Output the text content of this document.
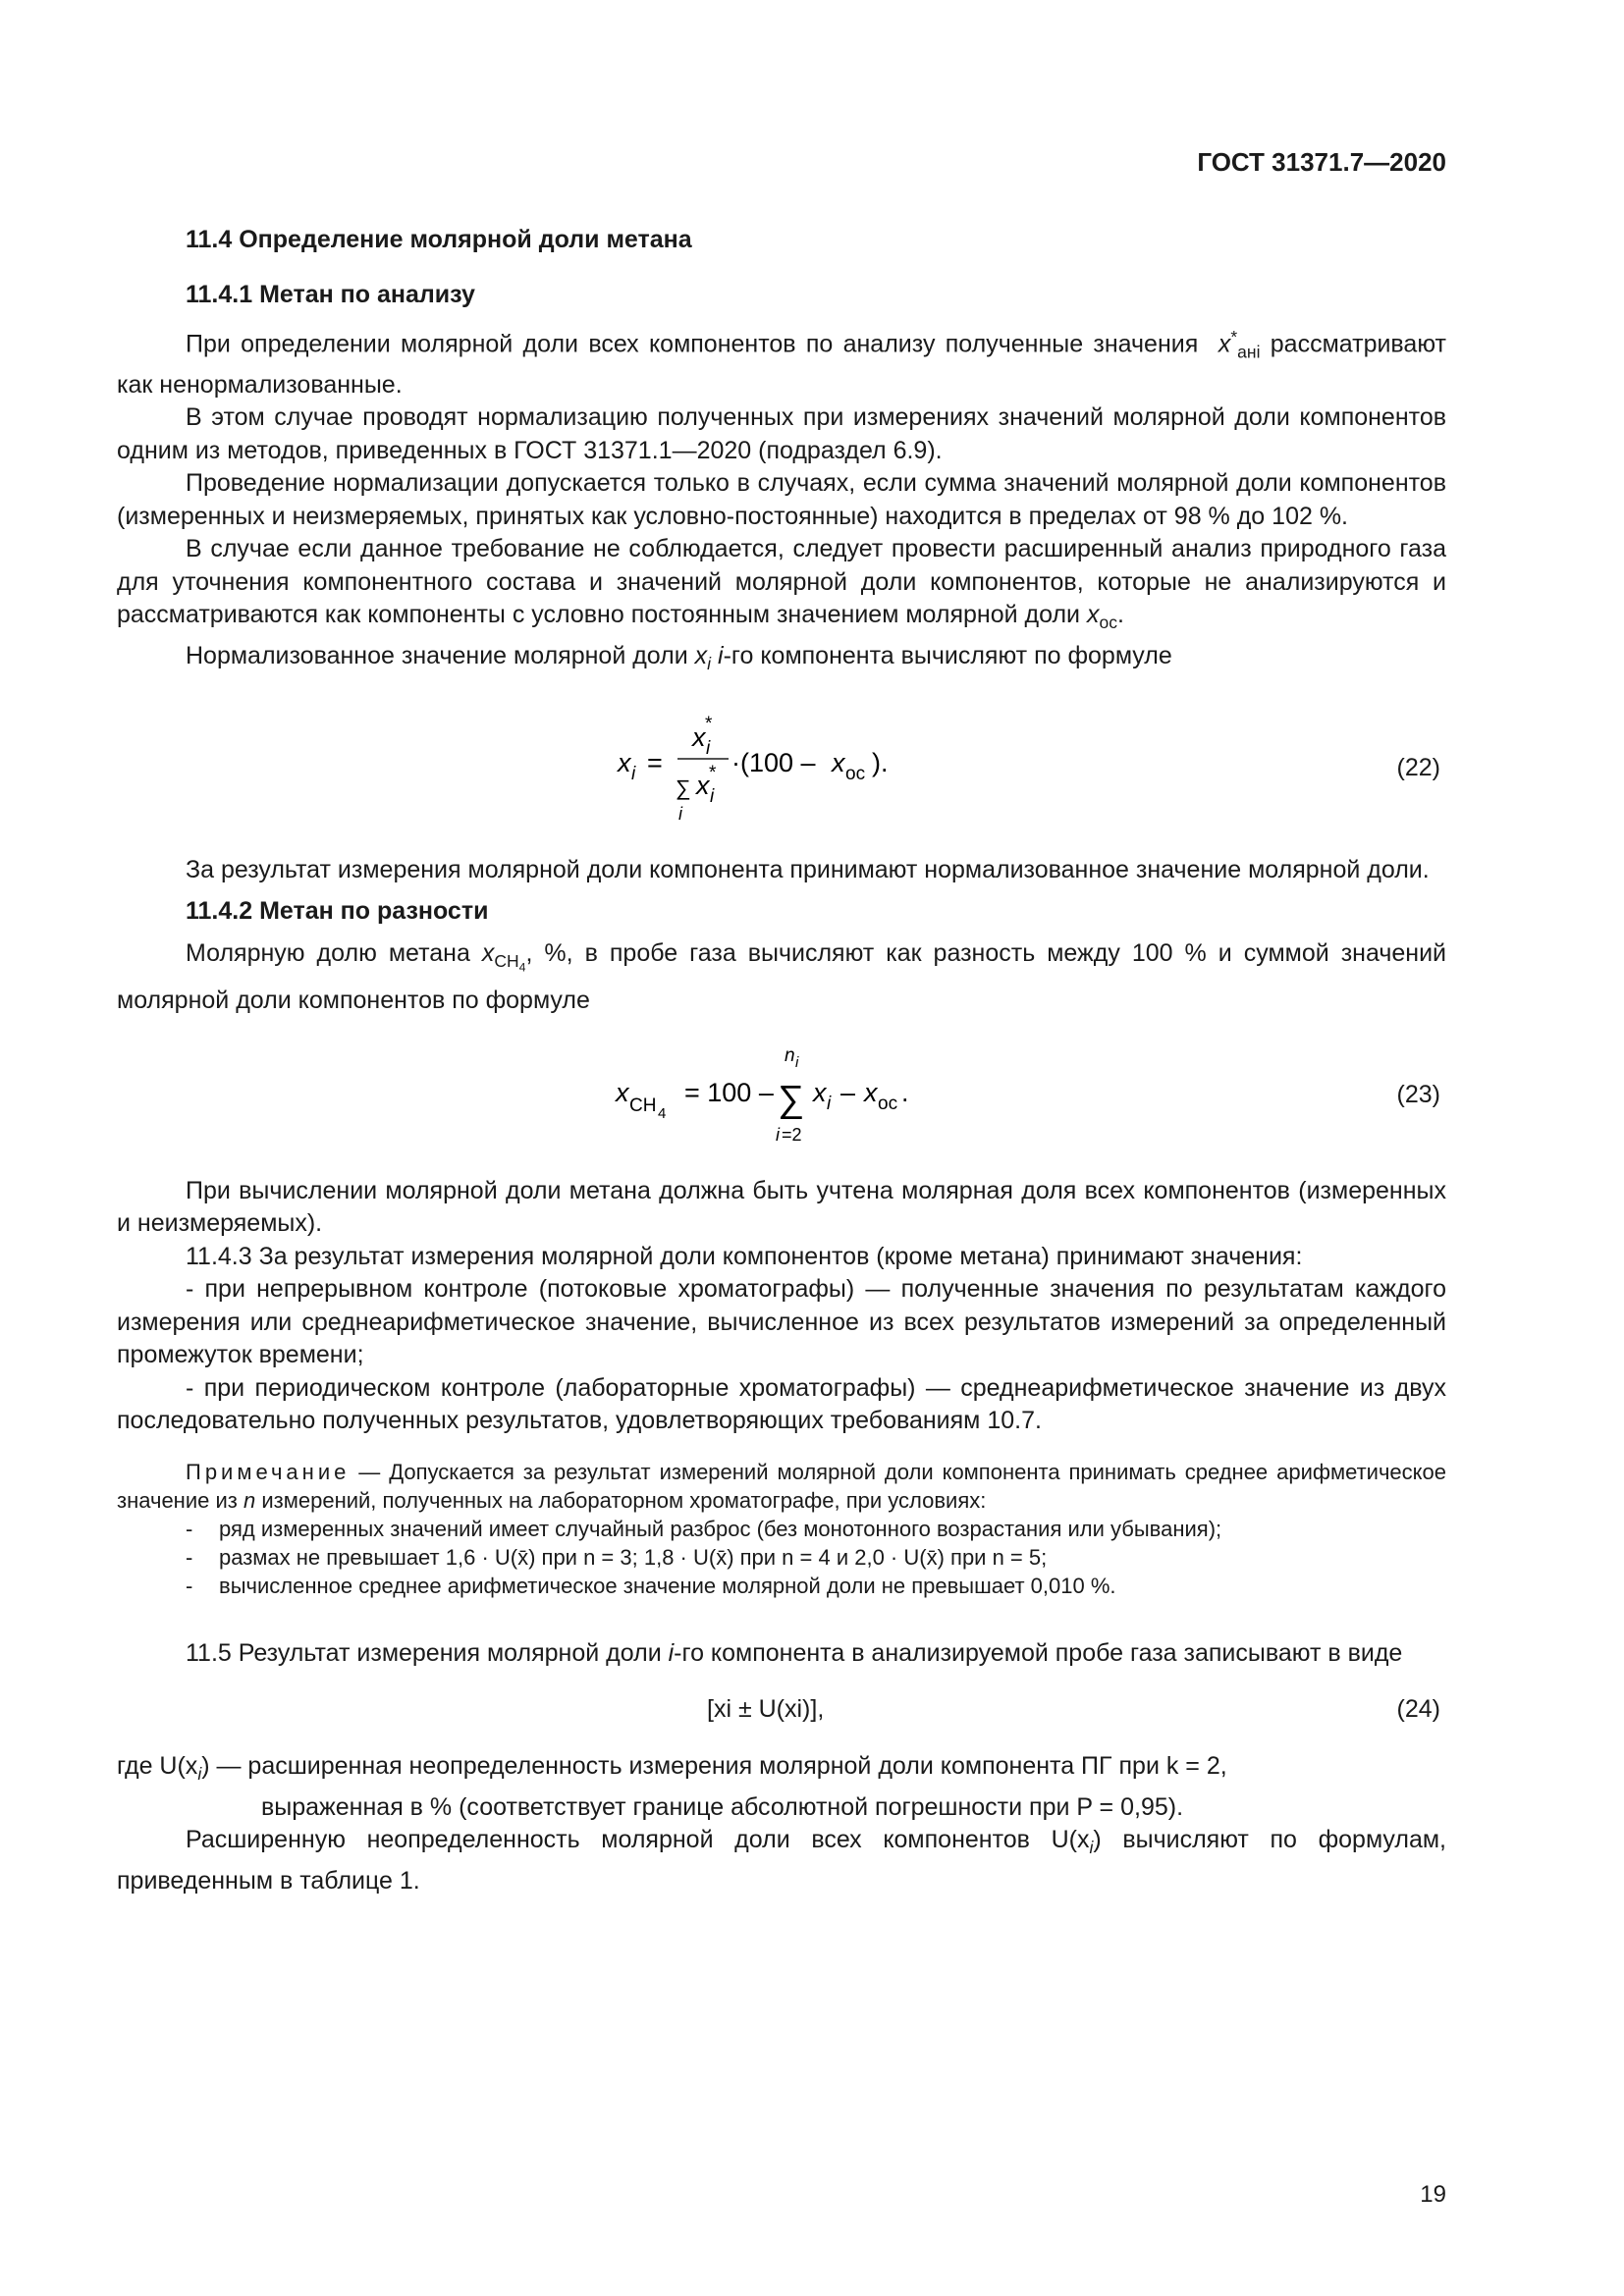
ГОСТ 31371.7—2020
11.4 Определение молярной доли метана
11.4.1 Метан по анализу

При определении молярной доли всех компонентов по анализу полученные значения $x^*_{анi}$ рассматривают как ненормализованные.

В этом случае проводят нормализацию полученных при измерениях значений молярной доли компонентов одним из методов, приведенных в ГОСТ 31371.1—2020 (подраздел 6.9).

Проведение нормализации допускается только в случаях, если сумма значений молярной доли компонентов (измеренных и неизмеряемых, принятых как условно-постоянные) находится в пределах от 98 % до 102 %.

В случае если данное требование не соблюдается, следует провести расширенный анализ природного газа для уточнения компонентного состава и значений молярной доли компонентов, которые не анализируются и рассматриваются как компоненты с условно постоянным значением молярной доли $x_{oc}$.

Нормализованное значение молярной доли $x_i$ i-го компонента вычисляют по формуле

x i =
x i
*
∑
i
x i
* ·(100 – x oc ).	(22)

За результат измерения молярной доли компонента принимают нормализованное значение молярной доли.

11.4.2 Метан по разности

Молярную долю метана $x_{CH_4}$, %, в пробе газа вычисляют как разность между 100 % и суммой значений молярной доли компонентов по формуле

x CH 4
= 100 –
n i
∑
i =2
x i – x oc .	(23)

При вычислении молярной доли метана должна быть учтена молярная доля всех компонентов (измеренных и неизмеряемых).

11.4.3 За результат измерения молярной доли компонентов (кроме метана) принимают значения:

- при непрерывном контроле (потоковые хроматографы) — полученные значения по результатам каждого измерения или среднеарифметическое значение, вычисленное из всех результатов измерений за определенный промежуток времени;

- при периодическом контроле (лабораторные хроматографы) — среднеарифметическое значение из двух последовательно полученных результатов, удовлетворяющих требованиям 10.7.

Примечание — Допускается за результат измерений молярной доли компонента принимать среднее арифметическое значение из n измерений, полученных на лабораторном хроматографе, при условиях:

-	ряд измеренных значений имеет случайный разброс (без монотонного возрастания или убывания);
-	размах не превышает 1,6 · U(x̄) при n = 3; 1,8 · U(x̄) при n = 4 и 2,0 · U(x̄) при n = 5;
-	вычисленное среднее арифметическое значение молярной доли не превышает 0,010 %.

11.5 Результат измерения молярной доли i-го компонента в анализируемой пробе газа записывают в виде

[xi ± U(xi)],	(24)

где $U(x_i)$ — расширенная неопределенность измерения молярной доли компонента ПГ при k = 2,
выраженная в % (соответствует границе абсолютной погрешности при P = 0,95).

Расширенную неопределенность молярной доли всех компонентов $U(x_i)$ вычисляют по формулам, приведенным в таблице 1.

19
